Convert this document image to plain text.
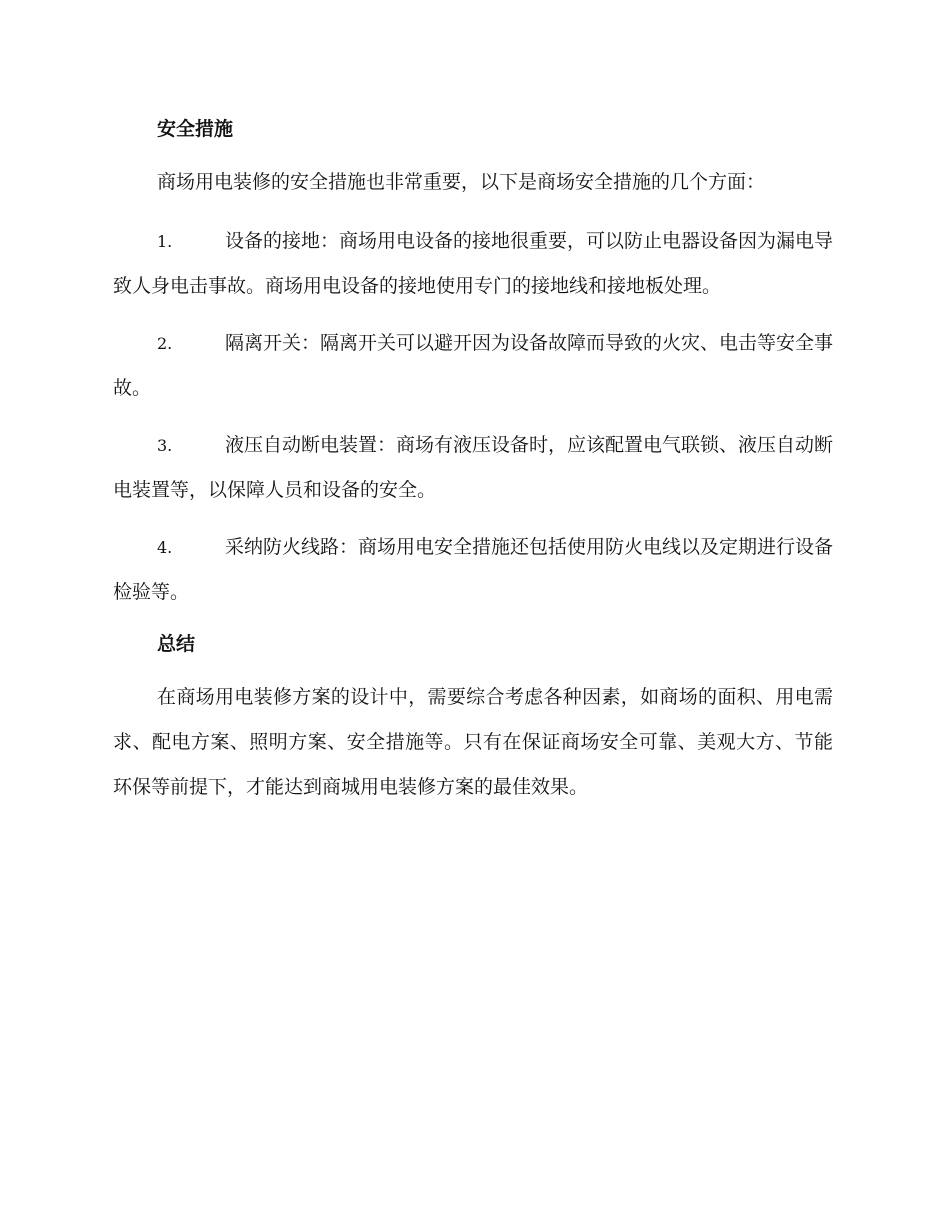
安全措施

商场用电装修的安全措施也非常重要，以下是商场安全措施的几个方面：

1.	设备的接地：商场用电设备的接地很重要，可以防止电器设备因为漏电导致人身电击事故。商场用电设备的接地使用专门的接地线和接地板处理。

2.	隔离开关：隔离开关可以避开因为设备故障而导致的火灾、电击等安全事故。

3.	液压自动断电装置：商场有液压设备时，应该配置电气联锁、液压自动断电装置等，以保障人员和设备的安全。

4.	采纳防火线路：商场用电安全措施还包括使用防火电线以及定期进行设备检验等。

总结

在商场用电装修方案的设计中，需要综合考虑各种因素，如商场的面积、用电需求、配电方案、照明方案、安全措施等。只有在保证商场安全可靠、美观大方、节能环保等前提下，才能达到商城用电装修方案的最佳效果。
